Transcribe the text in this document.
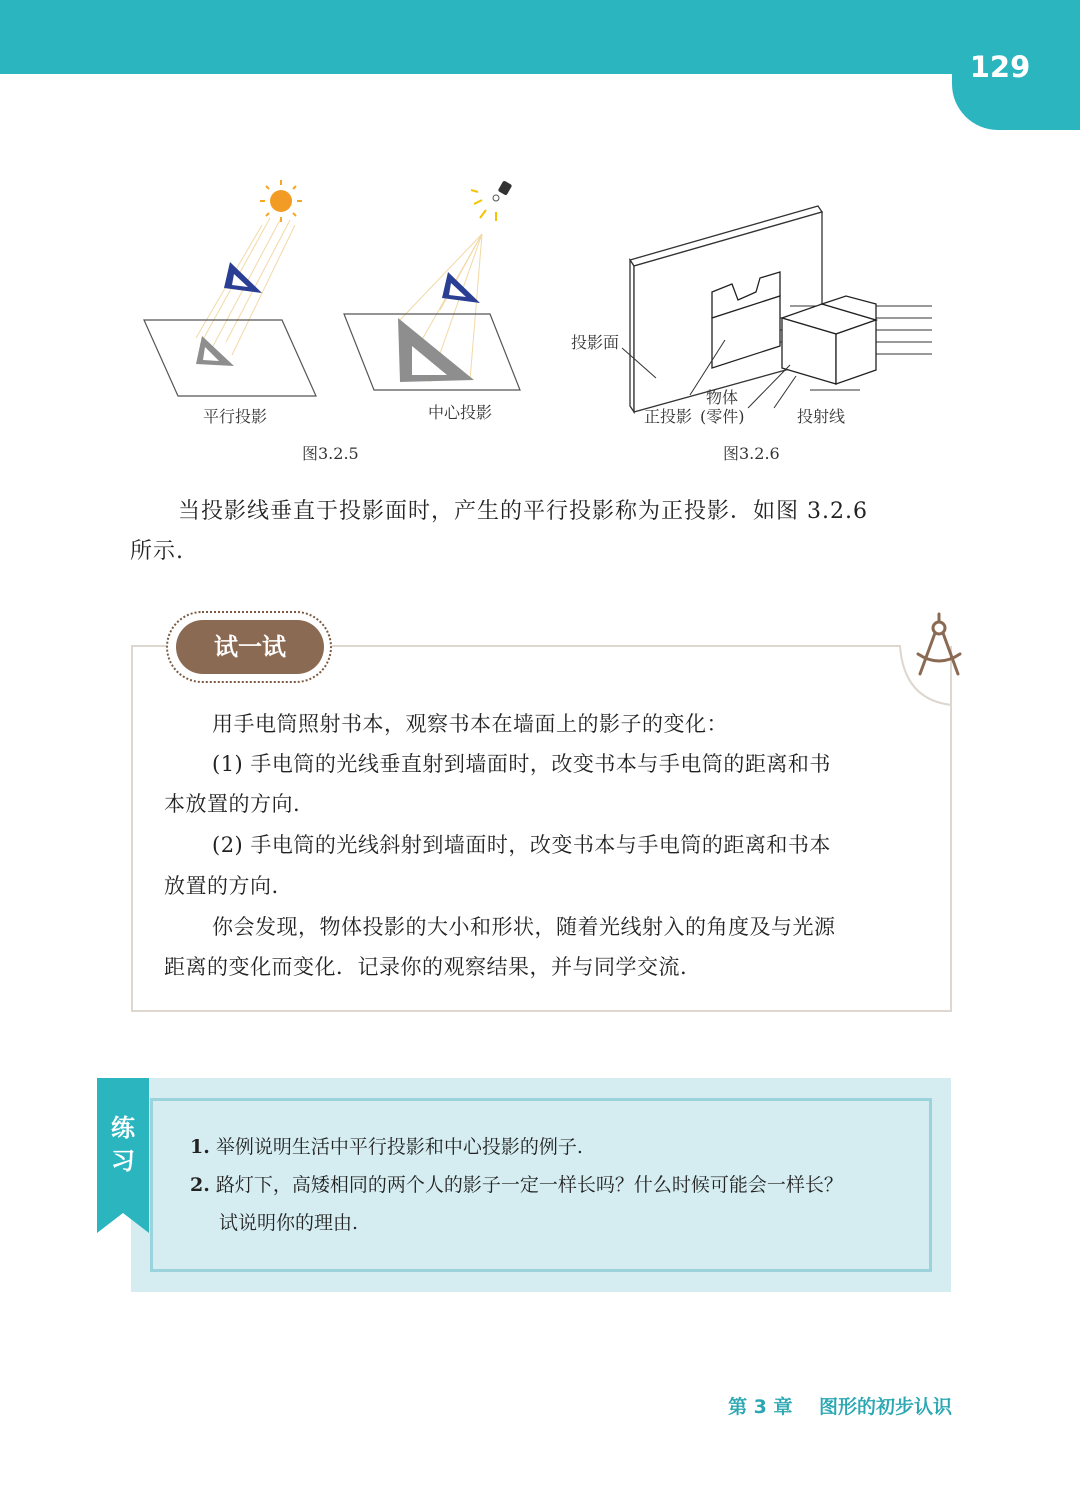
129
平行投影	中心投影
图3.2.5
投影面
物体
正投影 (零件)	投射线
图3.2.6
当投影线垂直于投影面时，产生的平行投影称为正投影．如图 3.2.6
所示.
试一试
用手电筒照射书本，观察书本在墙面上的影子的变化：
(1) 手电筒的光线垂直射到墙面时，改变书本与手电筒的距离和书
本放置的方向.
(2) 手电筒的光线斜射到墙面时，改变书本与手电筒的距离和书本
放置的方向.
你会发现，物体投影的大小和形状，随着光线射入的角度及与光源
距离的变化而变化．记录你的观察结果，并与同学交流.
练
习	1. 举例说明生活中平行投影和中心投影的例子.
2. 路灯下，高矮相同的两个人的影子一定一样长吗？什么时候可能会一样长？
试说明你的理由.
第 3 章 图形的初步认识
